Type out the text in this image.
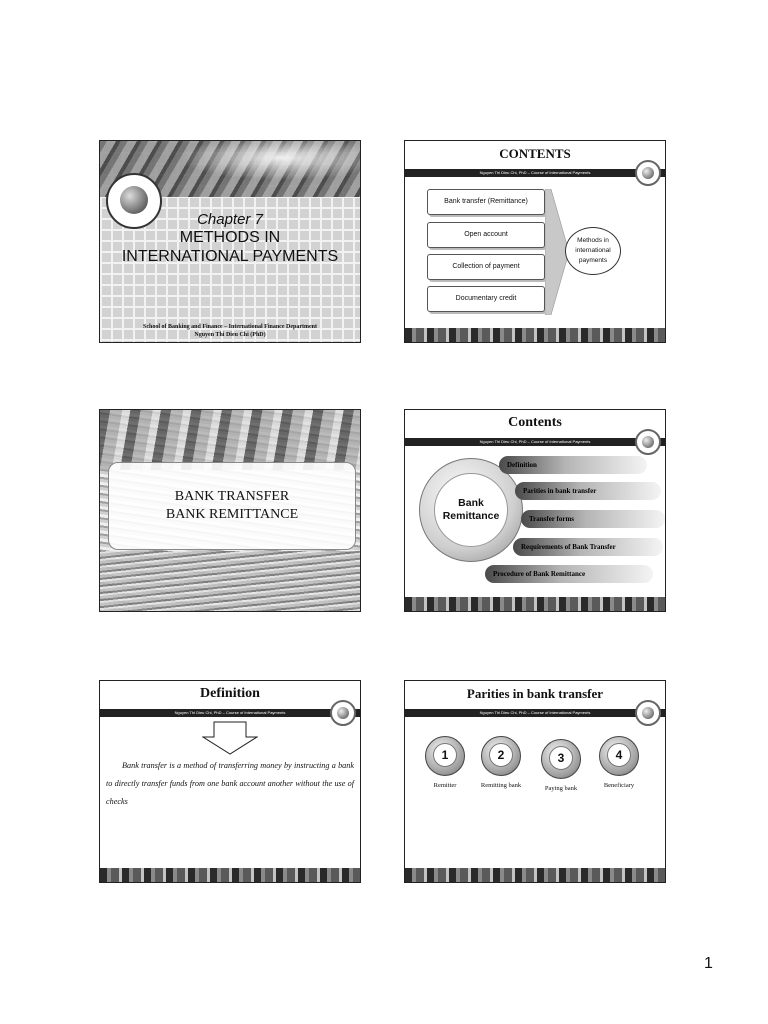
Chapter 7
METHODS IN
INTERNATIONAL PAYMENTS
School of Banking and Finance – International Finance Department
Nguyen Thi Dieu Chi (PhD)
CONTENTS
Nguyen Thi Dieu Chi, PhD – Course of International Payments
Bank transfer (Remittance)
Open account
Collection of payment
Documentary credit
Methods in international payments
BANK TRANSFER
BANK REMITTANCE
Contents
Nguyen Thi Dieu Chi, PhD – Course of International Payments
Bank
Remittance
Definition
Parities in bank transfer
Transfer forms
Requirements of Bank Transfer
Procedure of Bank Remittance
Definition
Nguyen Thi Dieu Chi, PhD – Course of International Payments
Bank transfer is a method of transferring money by instructing a bank to directly transfer funds from one bank account another without the use of checks
Parities in bank transfer
Nguyen Thi Dieu Chi, PhD – Course of International Payments
1
Remitter
2
Remitting bank
3
Paying bank
4
Beneficiary
1
